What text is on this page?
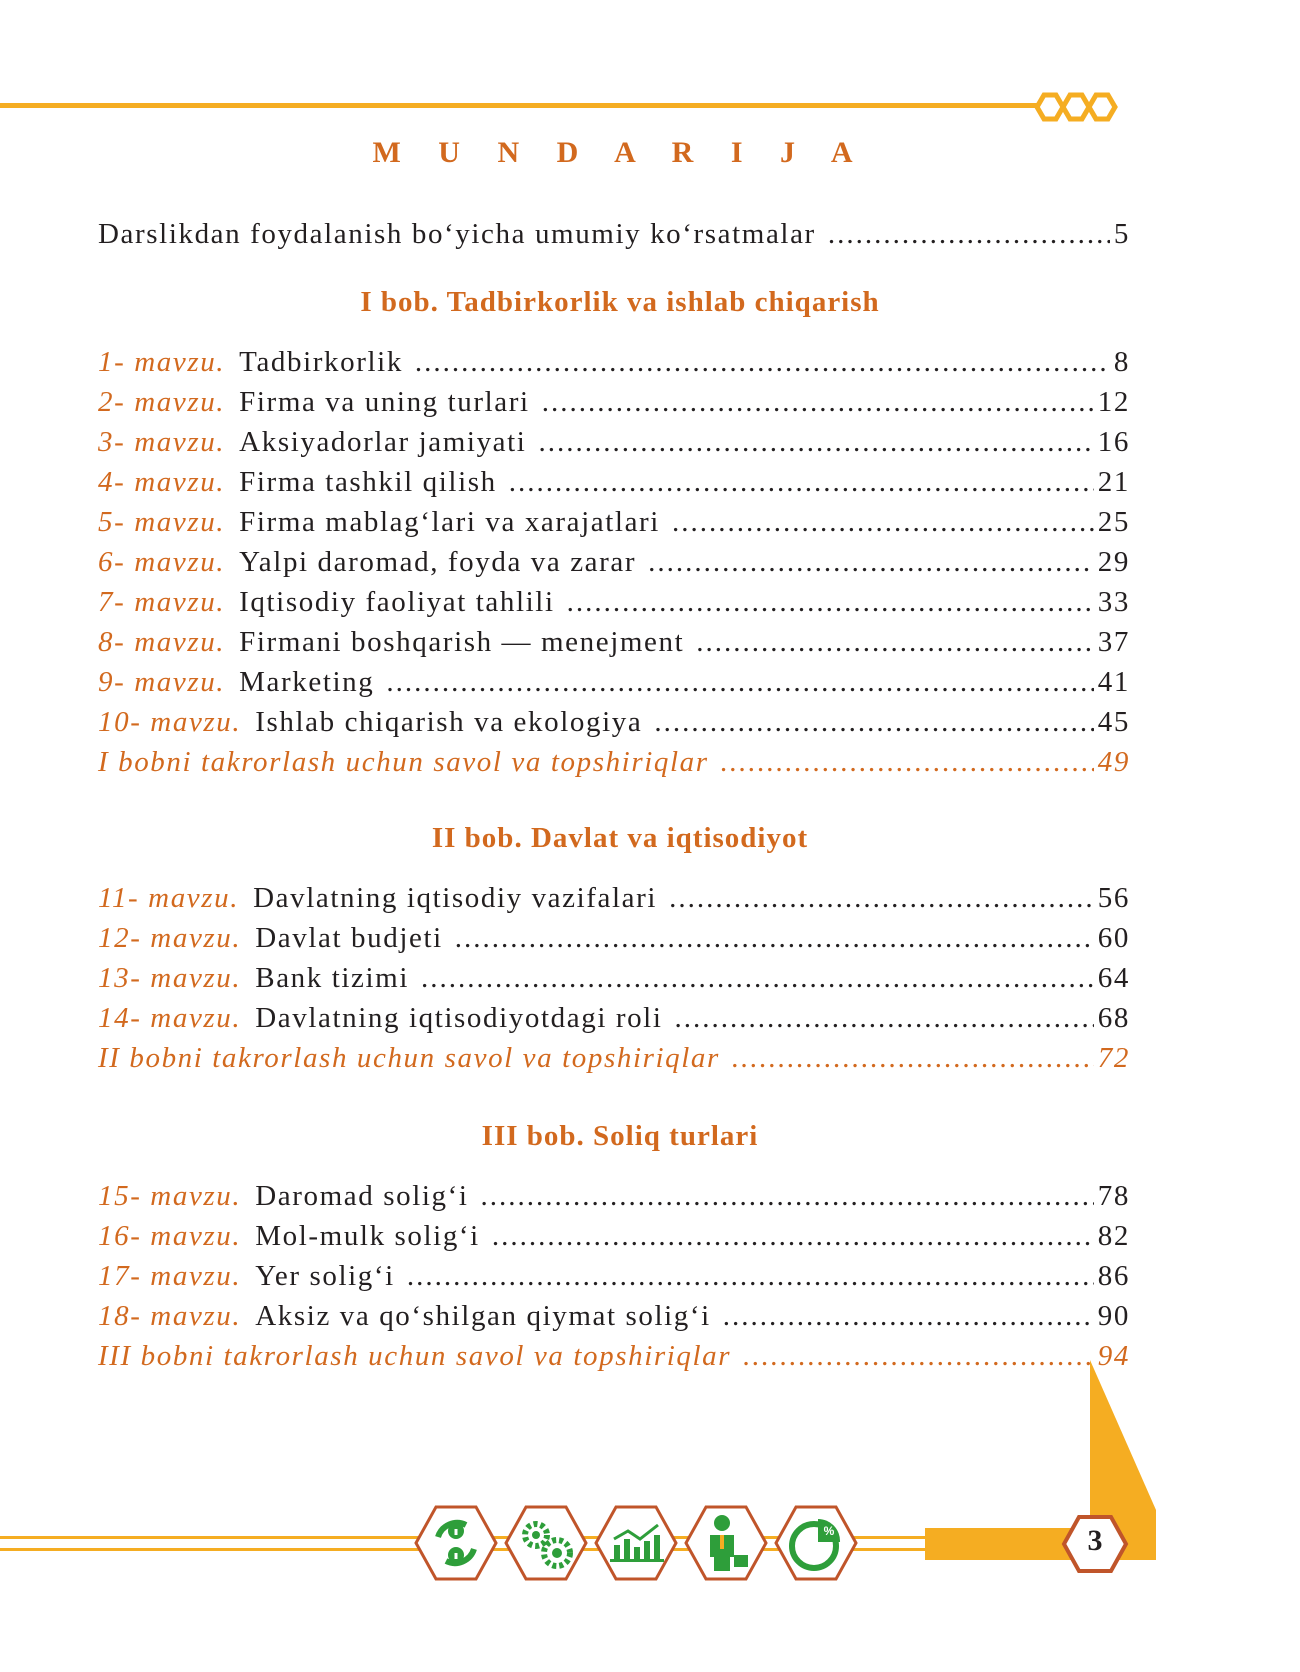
M U N D A R I J A
Darslikdan foydalanish bo‘yicha umumiy ko‘rsatmalar .....	5
I bob. Tadbirkorlik va ishlab chiqarish
1- mavzu. Tadbirkorlik .....	8
2- mavzu. Firma va uning turlari .....	12
3- mavzu. Aksiyadorlar jamiyati .....	16
4- mavzu. Firma tashkil qilish .....	21
5- mavzu. Firma mablag‘lari va xarajatlari .....	25
6- mavzu. Yalpi daromad, foyda va zarar .....	29
7- mavzu. Iqtisodiy faoliyat tahlili .....	33
8- mavzu. Firmani boshqarish — menejment .....	37
9- mavzu. Marketing .....	41
10- mavzu. Ishlab chiqarish va ekologiya .....	45
I bobni takrorlash uchun savol va topshiriqlar .....	49
II bob. Davlat va iqtisodiyot
11- mavzu. Davlatning iqtisodiy vazifalari .....	56
12- mavzu. Davlat budjeti .....	60
13- mavzu. Bank tizimi .....	64
14- mavzu. Davlatning iqtisodiyotdagi roli .....	68
II bobni takrorlash uchun savol va topshiriqlar .....	72
III bob. Soliq turlari
15- mavzu. Daromad solig‘i .....	78
16- mavzu. Mol-mulk solig‘i .....	82
17- mavzu. Yer solig‘i .....	86
18- mavzu. Aksiz va qo‘shilgan qiymat solig‘i .....	90
III bobni takrorlash uchun savol va topshiriqlar .....	94
%	3
